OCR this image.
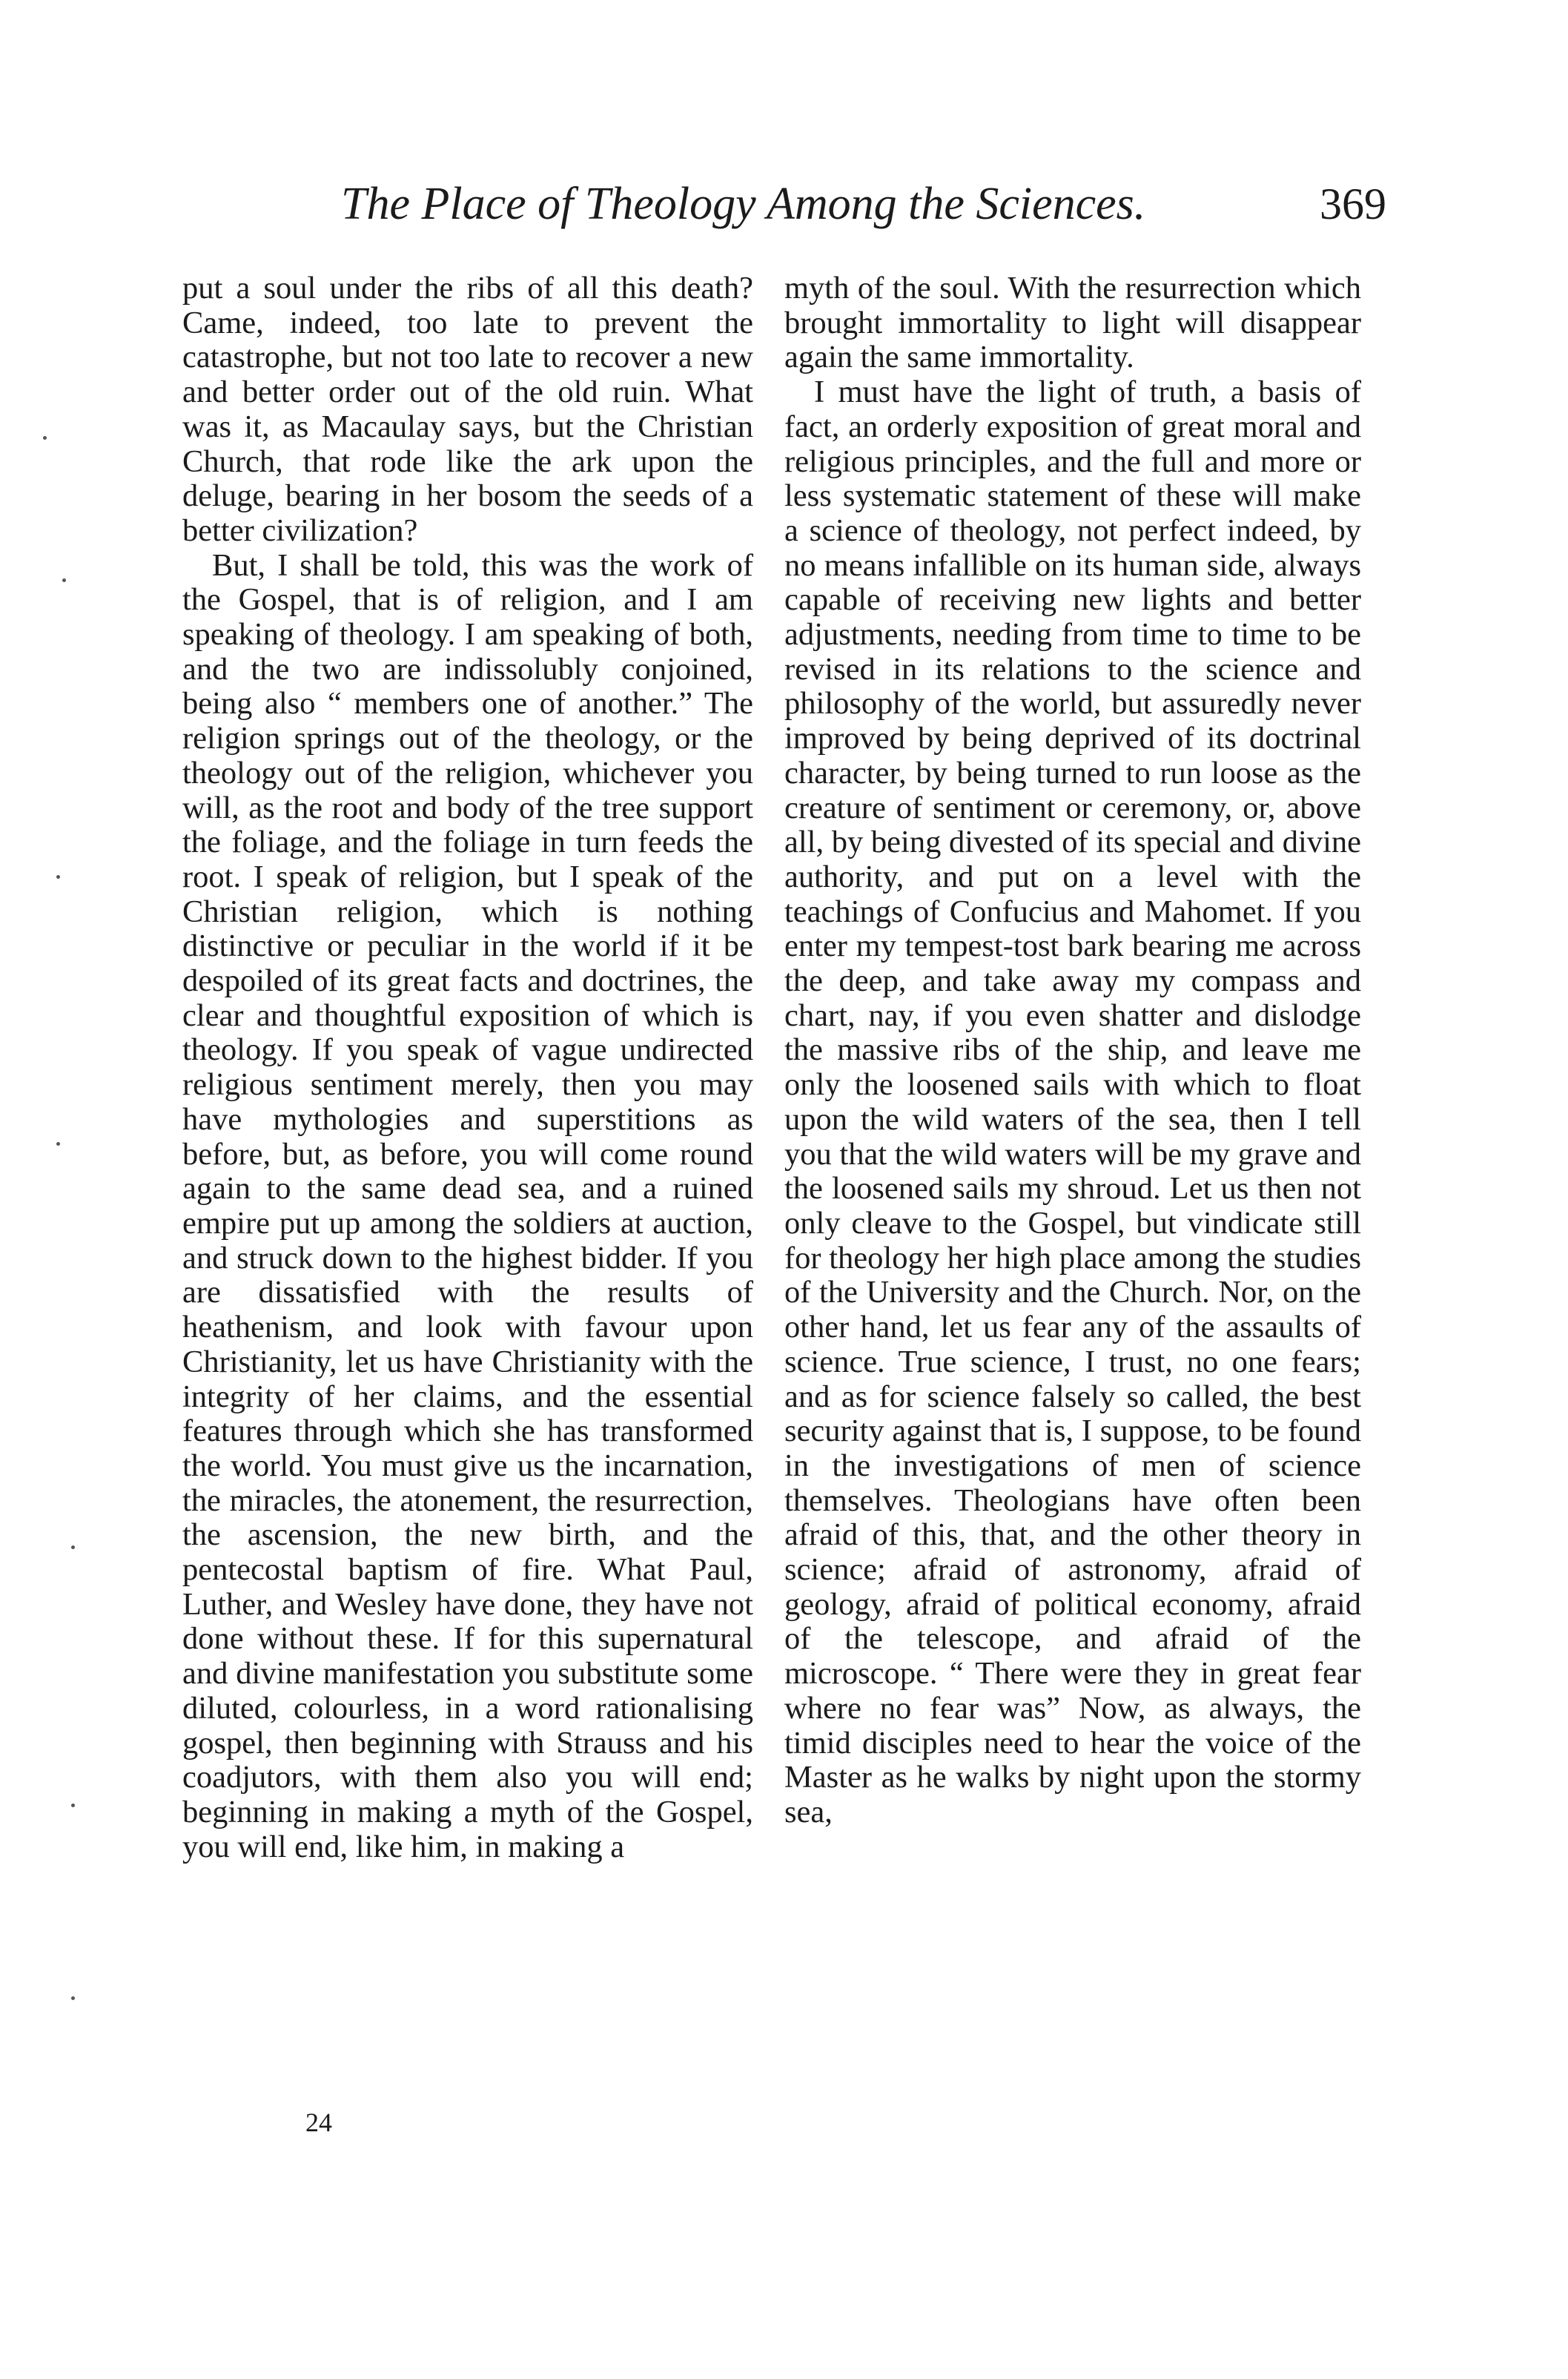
The Place of Theology Among the Sciences.	369

put a soul under the ribs of all this death? Came, indeed, too late to prevent the catastrophe, but not too late to recover a new and better order out of the old ruin. What was it, as Macaulay says, but the Christian Church, that rode like the ark upon the deluge, bearing in her bosom the seeds of a better civilization?

But, I shall be told, this was the work of the Gospel, that is of religion, and I am speaking of theology. I am speaking of both, and the two are indissolubly conjoined, being also “ members one of another.” The religion springs out of the theology, or the theology out of the religion, whichever you will, as the root and body of the tree support the foliage, and the foliage in turn feeds the root. I speak of religion, but I speak of the Christian religion, which is nothing distinctive or peculiar in the world if it be despoiled of its great facts and doctrines, the clear and thoughtful exposition of which is theology. If you speak of vague undirected religious sentiment merely, then you may have mythologies and superstitions as before, but, as before, you will come round again to the same dead sea, and a ruined empire put up among the soldiers at auction, and struck down to the highest bidder. If you are dissatisfied with the results of heathenism, and look with favour upon Christianity, let us have Christianity with the integrity of her claims, and the essential features through which she has transformed the world. You must give us the incarnation, the miracles, the atonement, the resurrection, the ascension, the new birth, and the pentecostal baptism of fire. What Paul, Luther, and Wesley have done, they have not done without these. If for this supernatural and divine manifestation you substitute some diluted, colourless, in a word rationalising gospel, then beginning with Strauss and his coadjutors, with them also you will end; beginning in making a myth of the Gospel, you will end, like him, in making a

myth of the soul. With the resurrection which brought immortality to light will disappear again the same immortality.

I must have the light of truth, a basis of fact, an orderly exposition of great moral and religious principles, and the full and more or less systematic statement of these will make a science of theology, not perfect indeed, by no means infallible on its human side, always capable of receiving new lights and better adjustments, needing from time to time to be revised in its relations to the science and philosophy of the world, but assuredly never improved by being deprived of its doctrinal character, by being turned to run loose as the creature of sentiment or ceremony, or, above all, by being divested of its special and divine authority, and put on a level with the teachings of Confucius and Mahomet. If you enter my tempest-tost bark bearing me across the deep, and take away my compass and chart, nay, if you even shatter and dislodge the massive ribs of the ship, and leave me only the loosened sails with which to float upon the wild waters of the sea, then I tell you that the wild waters will be my grave and the loosened sails my shroud. Let us then not only cleave to the Gospel, but vindicate still for theology her high place among the studies of the University and the Church. Nor, on the other hand, let us fear any of the assaults of science. True science, I trust, no one fears; and as for science falsely so called, the best security against that is, I suppose, to be found in the investigations of men of science themselves. Theologians have often been afraid of this, that, and the other theory in science; afraid of astronomy, afraid of geology, afraid of political economy, afraid of the telescope, and afraid of the microscope. “ There were they in great fear where no fear was” Now, as always, the timid disciples need to hear the voice of the Master as he walks by night upon the stormy sea,

24
